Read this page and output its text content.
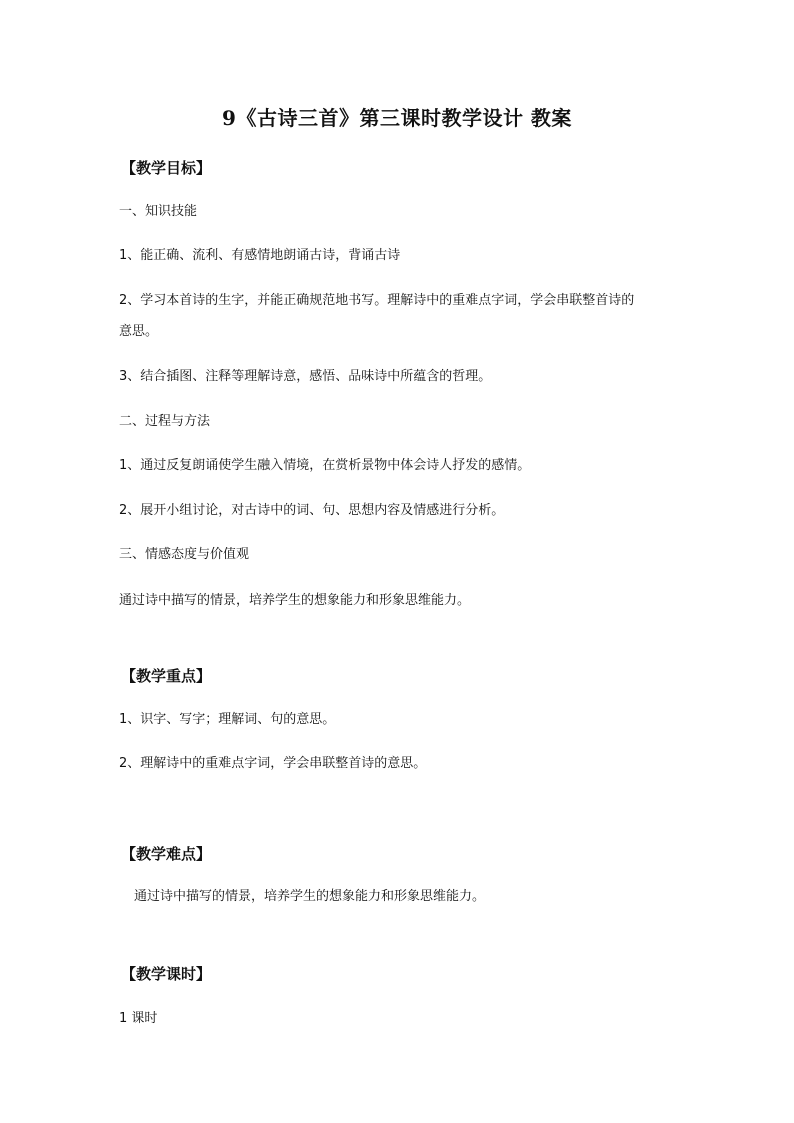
9《古诗三首》第三课时教学设计 教案
【教学目标】
一、知识技能
1、能正确、流利、有感情地朗诵古诗，背诵古诗
2、学习本首诗的生字，并能正确规范地书写。理解诗中的重难点字词，学会串联整首诗的
意思。
3、结合插图、注释等理解诗意，感悟、品味诗中所蕴含的哲理。
二、过程与方法
1、通过反复朗诵使学生融入情境，在赏析景物中体会诗人抒发的感情。
2、展开小组讨论，对古诗中的词、句、思想内容及情感进行分析。
三、情感态度与价值观
通过诗中描写的情景，培养学生的想象能力和形象思维能力。
【教学重点】
1、识字、写字；理解词、句的意思。
2、理解诗中的重难点字词，学会串联整首诗的意思。
【教学难点】
通过诗中描写的情景，培养学生的想象能力和形象思维能力。
【教学课时】
1 课时
